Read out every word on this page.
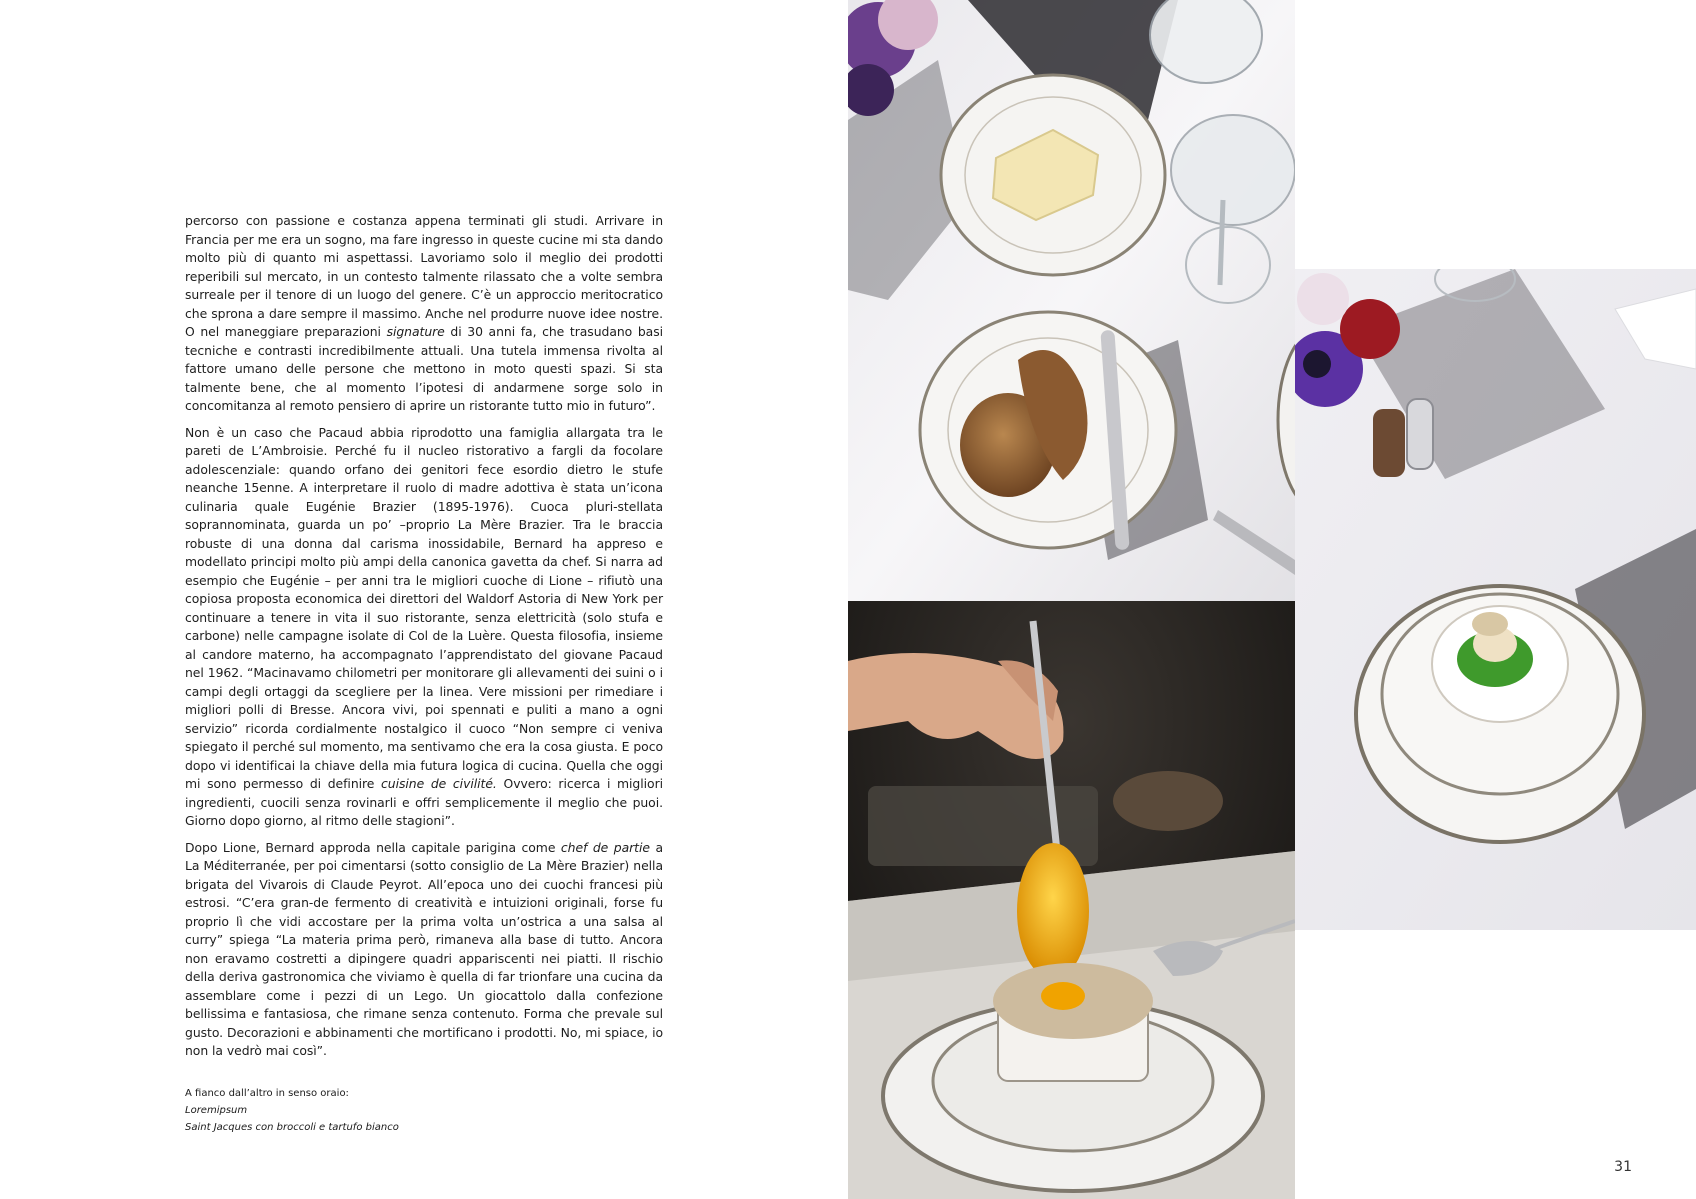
percorso con passione e costanza appena terminati gli studi. Arrivare in Francia per me era un sogno, ma fare ingresso in queste cucine mi sta dando molto più di quanto mi aspettassi. Lavoriamo solo il meglio dei prodotti reperibili sul mercato, in un contesto talmente rilassato che a volte sembra surreale per il tenore di un luogo del genere. C’è un approccio meritocratico che sprona a dare sempre il massimo. Anche nel produrre nuove idee nostre. O nel maneggiare preparazioni signature di 30 anni fa, che trasudano basi tecniche e contrasti incredibilmente attuali. Una tutela immensa rivolta al fattore umano delle persone che mettono in moto questi spazi. Si sta talmente bene, che al momento l’ipotesi di andarmene sorge solo in concomitanza al remoto pensiero di aprire un ristorante tutto mio in futuro”.

Non è un caso che Pacaud abbia riprodotto una famiglia allargata tra le pareti de L’Ambroisie. Perché fu il nucleo ristorativo a fargli da focolare adolescenziale: quando orfano dei genitori fece esordio dietro le stufe neanche 15enne. A interpretare il ruolo di madre adottiva è stata un’icona culinaria quale Eugénie Brazier (1895-1976). Cuoca pluri-stellata soprannominata, guarda un po’ –proprio La Mère Brazier. Tra le braccia robuste di una donna dal carisma inossidabile, Bernard ha appreso e modellato principi molto più ampi della canonica gavetta da chef. Si narra ad esempio che Eugénie – per anni tra le migliori cuoche di Lione – rifiutò una copiosa proposta economica dei direttori del Waldorf Astoria di New York per continuare a tenere in vita il suo ristorante, senza elettricità (solo stufa e carbone) nelle campagne isolate di Col de la Luère. Questa filosofia, insieme al candore materno, ha accompagnato l’apprendistato del giovane Pacaud nel 1962. “Macinavamo chilometri per monitorare gli allevamenti dei suini o i campi degli ortaggi da scegliere per la linea. Vere missioni per rimediare i migliori polli di Bresse. Ancora vivi, poi spennati e puliti a mano a ogni servizio” ricorda cordialmente nostalgico il cuoco “Non sempre ci veniva spiegato il perché sul momento, ma sentivamo che era la cosa giusta. E poco dopo vi identificai la chiave della mia futura logica di cucina. Quella che oggi mi sono permesso di definire cuisine de civilité. Ovvero: ricerca i migliori ingredienti, cuocili senza rovinarli e offri semplicemente il meglio che puoi. Giorno dopo giorno, al ritmo delle stagioni”.

Dopo Lione, Bernard approda nella capitale parigina come chef de partie a La Méditerranée, per poi cimentarsi (sotto consiglio de La Mère Brazier) nella brigata del Vivarois di Claude Peyrot. All’epoca uno dei cuochi francesi più estrosi. “C’era gran-de fermento di creatività e intuizioni originali, forse fu proprio lì che vidi accostare per la prima volta un’ostrica a una salsa al curry” spiega “La materia prima però, rimaneva alla base di tutto. Ancora non eravamo costretti a dipingere quadri appariscenti nei piatti. Il rischio della deriva gastronomica che viviamo è quella di far trionfare una cucina da assemblare come i pezzi di un Lego. Un giocattolo dalla confezione bellissima e fantasiosa, che rimane senza contenuto. Forma che prevale sul gusto. Decorazioni e abbinamenti che mortificano i prodotti. No, mi spiace, io non la vedrò mai così”.

A fianco dall’altro in senso oraio:
Loremipsum
Saint Jacques con broccoli e tartufo bianco
31
